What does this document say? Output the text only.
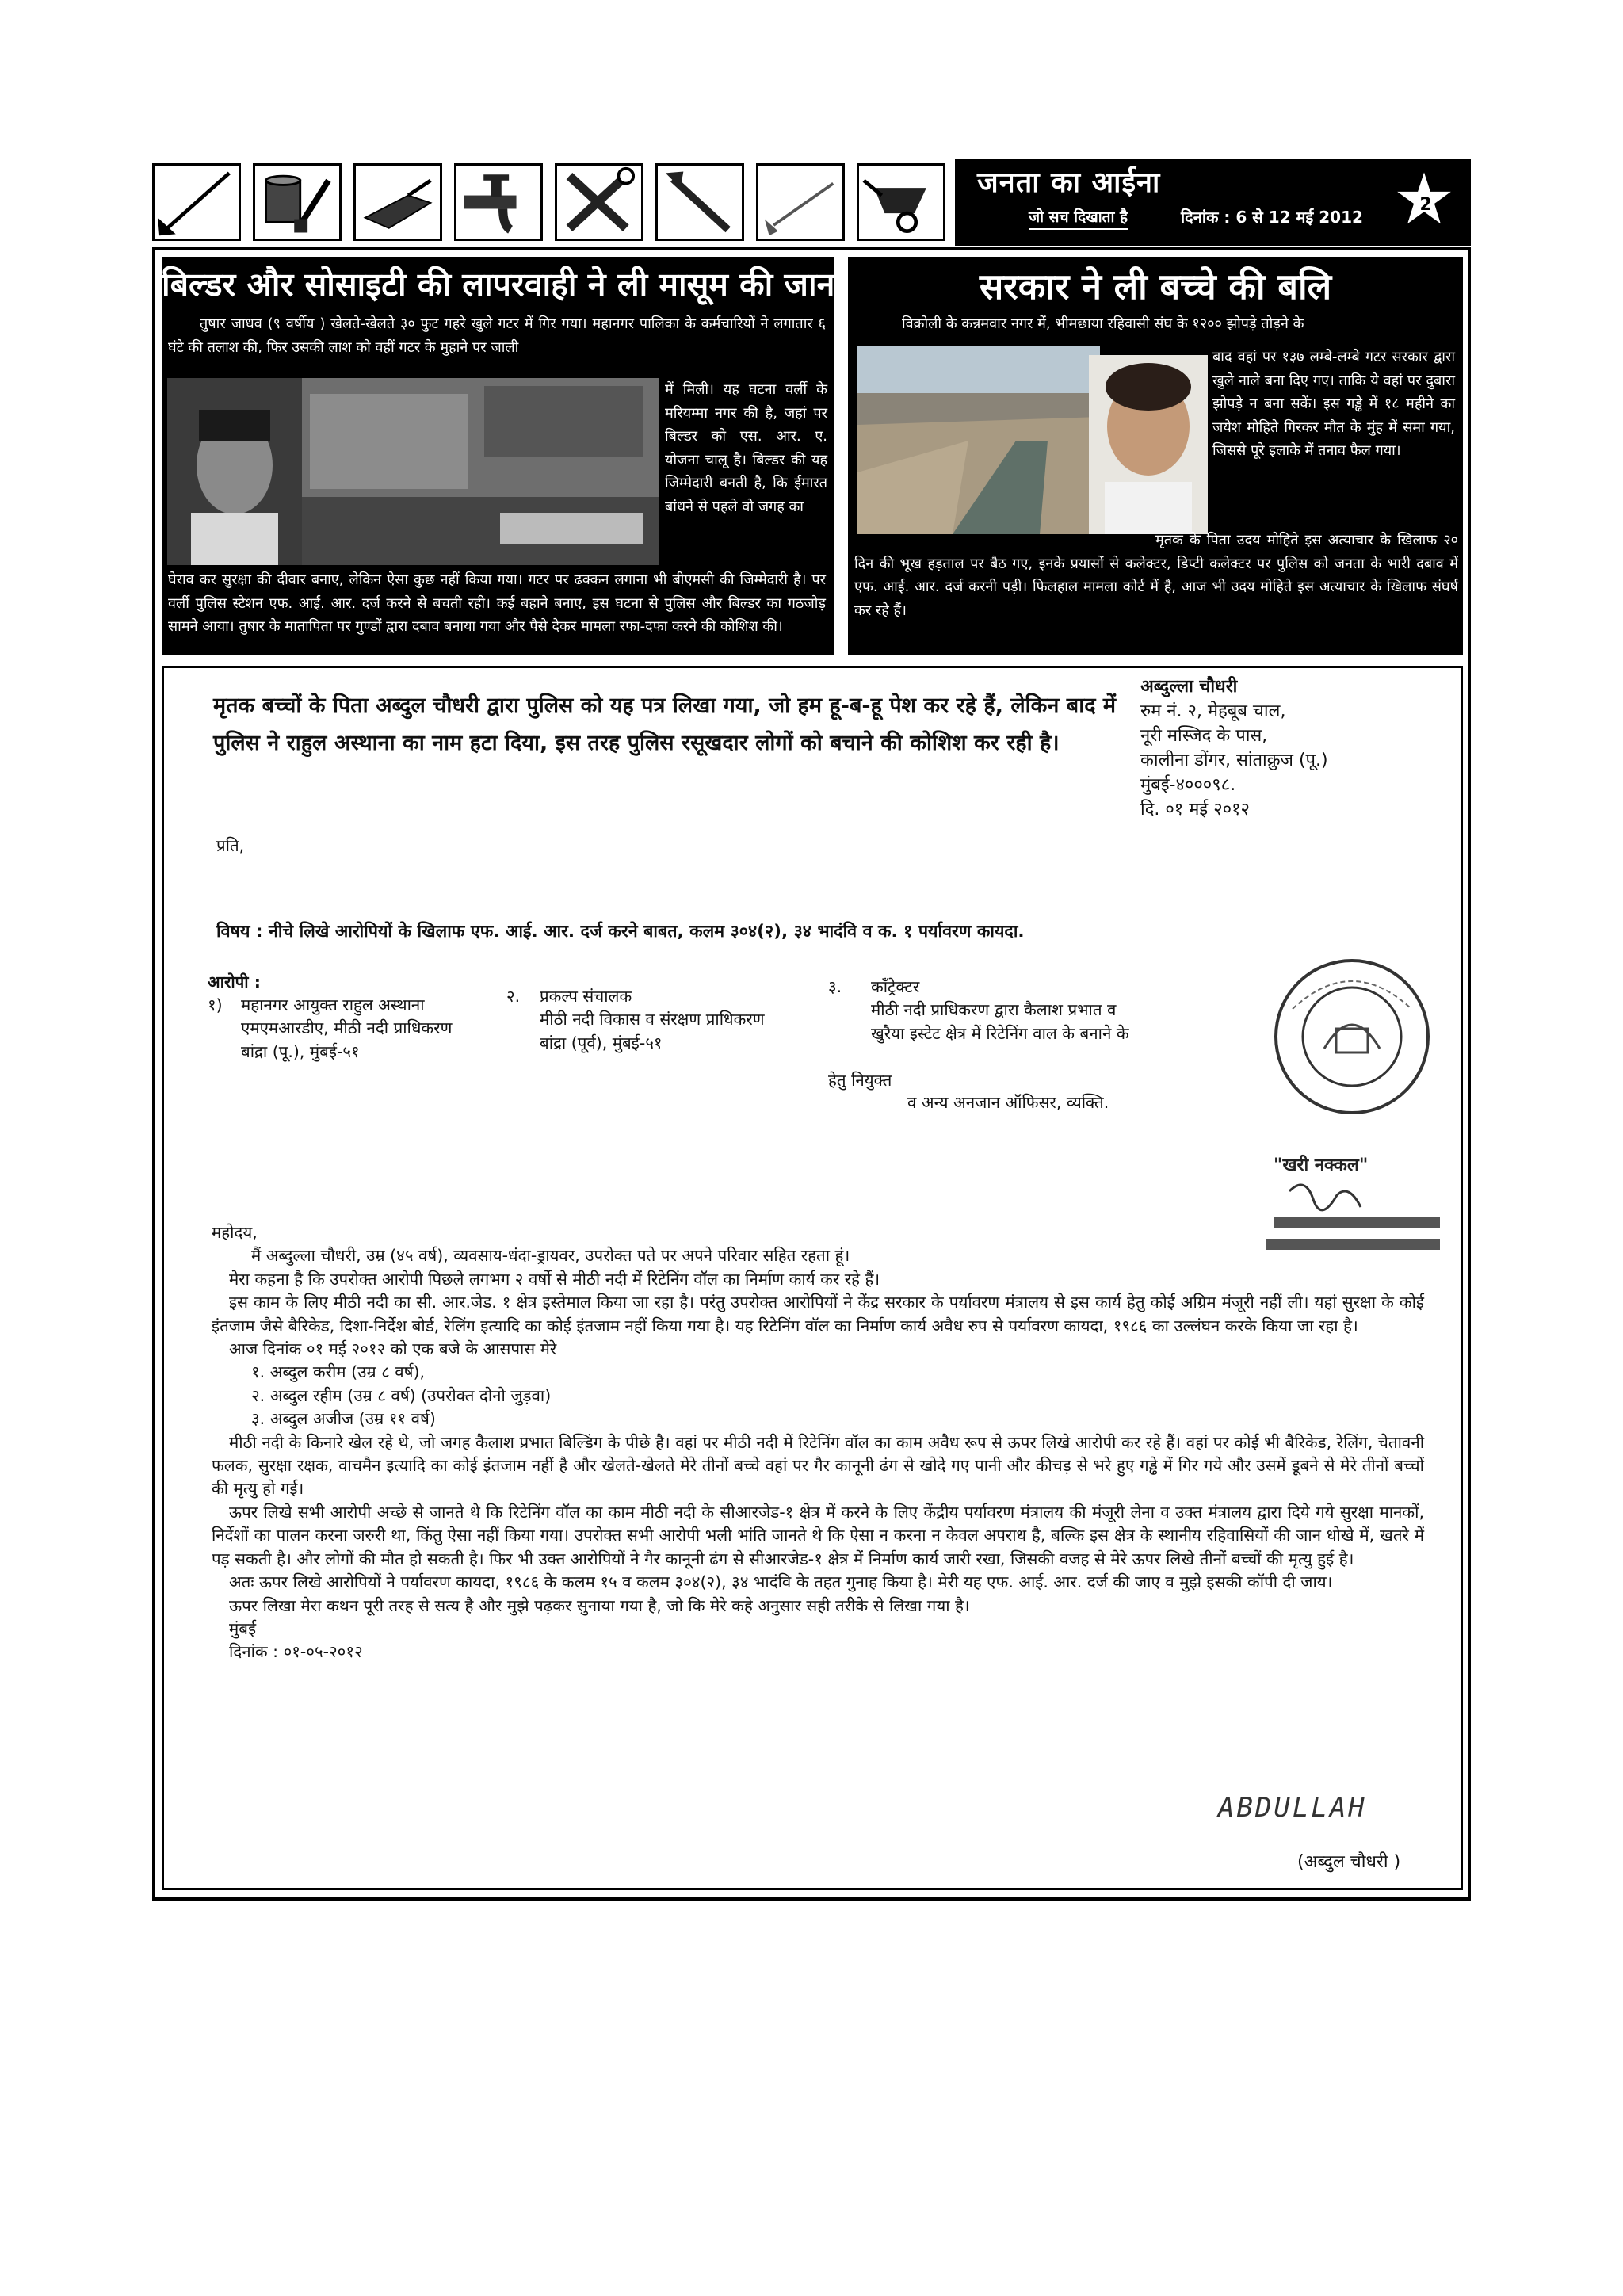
जनता का आईना
जो सच दिखाता है	दिनांक : 6 से 12 मई 2012
2
बिल्डर और सोसाइटी की लापरवाही ने ली मासूम की जान
तुषार जाधव (९ वर्षीय ) खेलते-खेलते ३० फुट गहरे खुले गटर में गिर गया। महानगर पालिका के कर्मचारियों ने लगातार ६ घंटे की तलाश की, फिर उसकी लाश को वहीं गटर के मुहाने पर जाली
में मिली। यह घटना वर्ली के मरियम्मा नगर की है, जहां पर बिल्डर को एस. आर. ए. योजना चालू है। बिल्डर की यह जिम्मेदारी बनती है, कि ईमारत बांधने से पहले वो जगह का
घेराव कर सुरक्षा की दीवार बनाए, लेकिन ऐसा कुछ नहीं किया गया। गटर पर ढक्कन लगाना भी बीएमसी की जिम्मेदारी है। पर वर्ली पुलिस स्टेशन एफ. आई. आर. दर्ज करने से बचती रही। कई बहाने बनाए, इस घटना से पुलिस और बिल्डर का गठजोड़ सामने आया। तुषार के मातापिता पर गुण्डों द्वारा दबाव बनाया गया और पैसे देकर मामला रफा-दफा करने की कोशिश की।
सरकार ने ली बच्चे की बलि
विक्रोली के कन्नमवार नगर में, भीमछाया रहिवासी संघ के १२०० झोपड़े तोड़ने के
बाद वहां पर १३७ लम्बे-लम्बे गटर सरकार द्वारा खुले नाले बना दिए गए। ताकि ये वहां पर दुबारा झोपड़े न बना सकें। इस गड्ढे में १८ महीने का जयेश मोहिते गिरकर मौत के मुंह में समा गया, जिससे पूरे इलाके में तनाव फैल गया।
मृतक के पिता उदय मोहिते इस अत्याचार के खिलाफ २० दिन की भूख हड़ताल पर बैठ गए, इनके प्रयासों से कलेक्टर, डिप्टी कलेक्टर पर पुलिस को जनता के भारी दबाव में एफ. आई. आर. दर्ज करनी पड़ी। फिलहाल मामला कोर्ट में है, आज भी उदय मोहिते इस अत्याचार के खिलाफ संघर्ष कर रहे हैं।
मृतक बच्चों के पिता अब्दुल चौधरी द्वारा पुलिस को यह पत्र लिखा गया, जो हम हू-ब-हू पेश कर रहे हैं, लेकिन बाद में पुलिस ने राहुल अस्थाना का नाम हटा दिया, इस तरह पुलिस रसूखदार लोगों को बचाने की कोशिश कर रही है।
अब्दुल्ला चौधरी
रुम नं. २, मेहबूब चाल,
नूरी मस्जिद के पास,
कालीना डोंगर, सांताक्रुज (पू.)
मुंबई-४०००९८.
दि. ०१ मई २०१२
प्रति,
विषय : नीचे लिखे आरोपियों के खिलाफ एफ. आई. आर. दर्ज करने बाबत, कलम ३०४(२), ३४ भादंवि व क. १ पर्यावरण कायदा.
आरोपी :
१) महानगर आयुक्त राहुल अस्थाना
एमएमआरडीए, मीठी नदी प्राधिकरण
बांद्रा (पू.), मुंबई-५१
२. प्रकल्प संचालक
मीठी नदी विकास व संरक्षण प्राधिकरण
बांद्रा (पूर्व), मुंबई-५१
३. कॉंट्रेक्टर
मीठी नदी प्राधिकरण द्वारा कैलाश प्रभात व
खुरैया इस्टेट क्षेत्र में रिटेनिंग वाल के बनाने के
हेतु नियुक्त
व अन्य अनजान ऑफिसर, व्यक्ति.
"खरी नक्कल"

महोदय,

मैं अब्दुल्ला चौधरी, उम्र (४५ वर्ष), व्यवसाय-धंदा-ड्रायवर, उपरोक्त पते पर अपने परिवार सहित रहता हूं।

मेरा कहना है कि उपरोक्त आरोपी पिछले लगभग २ वर्षो से मीठी नदी में रिटेनिंग वॉल का निर्माण कार्य कर रहे हैं।

इस काम के लिए मीठी नदी का सी. आर.जेड. १ क्षेत्र इस्तेमाल किया जा रहा है। परंतु उपरोक्त आरोपियों ने केंद्र सरकार के पर्यावरण मंत्रालय से इस कार्य हेतु कोई अग्रिम मंजूरी नहीं ली। यहां सुरक्षा के कोई इंतजाम जैसे बैरिकेड, दिशा-निर्देश बोर्ड, रेलिंग इत्यादि का कोई इंतजाम नहीं किया गया है। यह रिटेनिंग वॉल का निर्माण कार्य अवैध रुप से पर्यावरण कायदा, १९८६ का उल्लंघन करके किया जा रहा है।

आज दिनांक ०१ मई २०१२ को एक बजे के आसपास मेरे

१. अब्दुल करीम (उम्र ८ वर्ष),

२. अब्दुल रहीम (उम्र ८ वर्ष) (उपरोक्त दोनो जुड़वा)

३. अब्दुल अजीज (उम्र ११ वर्ष)

मीठी नदी के किनारे खेल रहे थे, जो जगह कैलाश प्रभात बिल्डिंग के पीछे है। वहां पर मीठी नदी में रिटेनिंग वॉल का काम अवैध रूप से ऊपर लिखे आरोपी कर रहे हैं। वहां पर कोई भी बैरिकेड, रेलिंग, चेतावनी फलक, सुरक्षा रक्षक, वाचमैन इत्यादि का कोई इंतजाम नहीं है और खेलते-खेलते मेरे तीनों बच्चे वहां पर गैर कानूनी ढंग से खोदे गए पानी और कीचड़ से भरे हुए गड्ढे में गिर गये और उसमें डूबने से मेरे तीनों बच्चों की मृत्यु हो गई।

ऊपर लिखे सभी आरोपी अच्छे से जानते थे कि रिटेनिंग वॉल का काम मीठी नदी के सीआरजेड-१ क्षेत्र में करने के लिए केंद्रीय पर्यावरण मंत्रालय की मंजूरी लेना व उक्त मंत्रालय द्वारा दिये गये सुरक्षा मानकों, निर्देशों का पालन करना जरुरी था, किंतु ऐसा नहीं किया गया। उपरोक्त सभी आरोपी भली भांति जानते थे कि ऐसा न करना न केवल अपराध है, बल्कि इस क्षेत्र के स्थानीय रहिवासियों की जान धोखे में, खतरे में पड़ सकती है। और लोगों की मौत हो सकती है। फिर भी उक्त आरोपियों ने गैर कानूनी ढंग से सीआरजेड-१ क्षेत्र में निर्माण कार्य जारी रखा, जिसकी वजह से मेरे ऊपर लिखे तीनों बच्चों की मृत्यु हुई है।

अतः ऊपर लिखे आरोपियों ने पर्यावरण कायदा, १९८६ के कलम १५ व कलम ३०४(२), ३४ भादंवि के तहत गुनाह किया है। मेरी यह एफ. आई. आर. दर्ज की जाए व मुझे इसकी कॉपी दी जाय।

ऊपर लिखा मेरा कथन पूरी तरह से सत्य है और मुझे पढ़कर सुनाया गया है, जो कि मेरे कहे अनुसार सही तरीके से लिखा गया है।

मुंबई

दिनांक : ०१-०५-२०१२

ABDULLAH
(अब्दुल चौधरी )
